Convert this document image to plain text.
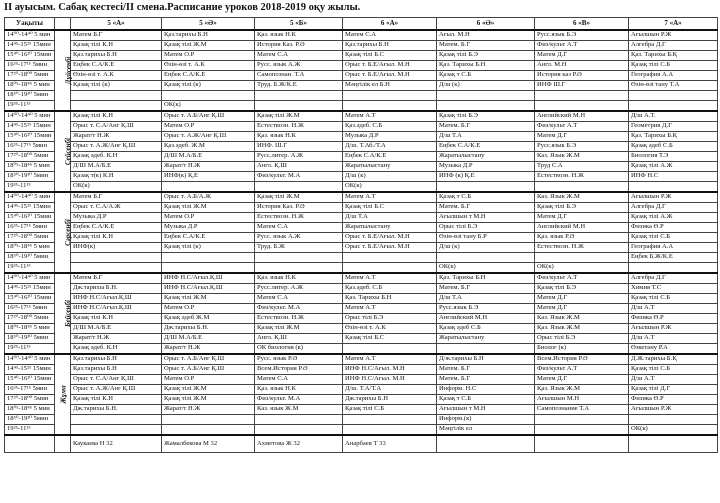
II ауысым. Сабақ кестесі/II смена.Расписание уроков 2018-2019 оқу жылы.
Уақыты		5 «А»	5 «Ә»	5 «Б»	6 «А»	6 «Ә»	6 «В»	7 «А»
14⁰⁰-14⁴⁰ 5 мин	Дүйсенбі	Матем Б.Г	Қаз.тарихы Б.Н	Қаз. язык Н.К	Матем С.А	Ағыл. М.Н	Русс.язык Б.Э	Ағылшын Р.Ж
14⁴⁵-15²⁵ 15мин		Қазақ тілі К.Н	Қазақ тілі Ж.М	История Каз. Р.Ә	Қаз.тарихы Б.Н	Матем. Б.Г	Физ/культ А.Т	Алгебра Д.Г
15⁴⁰-16²⁰ 15мин		Қаз.тарихы Б.Н	Матем О.Р	Матем С.А	Қазақ тілі Б.С	Қазақ тілі Б.Э	Матем Д.Г	Қаз. Тарихы Б.Қ
16³⁵-17¹⁵ 5мин		Еңбек С.А/К.Е	Өзін-өзі т. А.К	Русс. язык А.Ж	Орыс т. Б.Е/Ағыл. М.Н	Қаз. Тарихы Б.Н	Англ. М.Н	Қазақ тілі С.Б
17²⁰-18⁰⁰ 5мин		Өзін-өзі т. А.К	Еңбек С.А/К.Е	Самопознан. Т.А	Орыс т. Б.Е/Ағыл. М.Н	Қазақ т С.Б	История каз Р.Ә	География А.А
18⁰⁵-18⁴⁵ 5 мин		Қазақ тілі (к)	Қазақ тілі (к)	Труд. Б.Ж/К.Е	Мәңгілік ел Б.Н	Д/ш (к)	ИНФ Ш.Г	Өзін-өзі тану Т.А
18⁵⁰-19³⁰ 5мин								
19³⁵-11¹⁵			ОК(к)					
14⁰⁰-14⁴⁰ 5 мин	Сейсенбі	Қазақ тілі К.Н	Орыс т. А.Б/Анг Қ.Ш	Қазақ тілі Ж.М	Матем А.Т	Қазақ тілі Б.Э	Английский М.Н	Д/ш А.Т.
14⁴⁵-15²⁵ 15мин		Орыс т. С.А/Анг Қ.Ш	Матем О.Р	Естествозн. Н.Ж	Қаз.әдеб. С.Б	Матем. Б.Г	Физ/культ А.Т	Геометрия Д.Г
15⁴⁰-16²⁰ 15мин		Жарат/т Н.Ж	Орыс т. А.Ж/Анг Қ.Ш	Қаз. язык Н.К	Музыка Д.Р	Д/ш Т.А	Матем Д.Г	Қаз. Тарихы Б.Қ
16³⁵-17¹⁵ 5мин		Орыс т. А.Ж/Анг Қ.Ш	Қаз.әдеб. Ж.М	ИНФ. Ш.Г	Д/ш. Т.Аб./Т.А	Еңбек С.А/К.Е	Русс.язык Б.Э	Қазақ әдеб С.Б
17²⁰-18⁰⁰ 5мин		Қазақ әдеб. К.Н	Д/Ш М.А/Б.Е	Русс.литер. А.Ж	Еңбек С.А/К.Е	Жаратылыстану	Каз. Язык Ж.М	Биология Т.Э
18⁰⁵-18⁴⁵ 5 мин		Д/Ш М.А/Б.Е	Жарат/т Н.Ж	Англ. Қ.Ш	Жаратылыстану	Музыка Д.Р	Труд С.А	Қазақ тілі А.Ж
18⁵⁰-19³⁰ 5мин		Қазақ т(к) К.Н	ИНФ(к) Қ.Е	Физ/культ. М.А	Д/ш (к)	ИНФ (к) Қ.Е	Естествозн. Н.Ж	ИНФ Н.С
19³⁵-11¹⁵		ОК(к)			ОК(к)			
14⁰⁰-14⁴⁰ 5 мин	Сәрсенбі	Матем Б.Г	Орыс т. А.Б/А.Ж	Қазақ тілі Ж.М	Матем А.Т	Қазақ т С.Б	Каз. Язык Ж.М	Ағылшын Р.Ж
14⁴⁵-15²⁵ 15мин		Орыс т. С.А/А.Ж	Қазақ тілі Ж.М	История Каз. Р.Ә	Қазақ тілі Б.С	Матем. Б.Г	Қазақ тілі Б.Э	Алгебра Д.Г
15⁴⁰-16²⁰ 15мин		Музыка Д.Р	Матем О.Р	Естествозн. Н.Ж	Д/ш Т.А	Ағылшын т М.Н	Матем Д.Г	Қазақ тілі А.Ж
16³⁵-17¹⁵ 5мин		Еңбек С.А/К.Е	Музыка Д.Р	Матем С.А	Жаратылыстану	Орыс тілі Б.Э	Английский М.Н	Физика Ө.Р
17²⁰-18⁰⁰ 5мин		Қазақ тілі К.Н	Еңбек С.А/К.Е	Русс. язык А.Ж	Орыс т. Б.Е/Ағыл. М.Н	Өзін-өзі тану Б.Р	Қаз. язык Р.Ә	Қазақ тілі С.Б
18⁰⁵-18⁴⁵ 5 мин		ИНФ(к)	Қазақ тілі (к)	Труд. Б.Ж	Орыс т. Б.Е/Ағыл. М.Н	Д/ш (к)	Естествозн. Н.Ж	География А.А
18⁵⁰-19³⁰ 5мин								Еңбек Б.Ж/К.Е
19³⁵-11¹⁵						ОК(к)	ОК(к)	
14⁰⁰-14⁴⁰ 5 мин	Бейсенбі	Матем Б.Г	ИНФ Н.С/Ағыл.Қ.Ш	Қаз. язык Н.К	Матем А.Т	Қаз. Тарихы Б.Н	Физ/культ А.Т	Алгебра Д.Г
14⁴⁵-15²⁵ 15мин		Дж.тарихы Б.Н.	ИНФ Н.С/Ағыл.Қ.Ш	Русс.литер. А.Ж	Қаз.әдеб. С.Б	Матем. Б.Г	Қазақ тілі Б.Э	Химия Т.С
15⁴⁰-16²⁰ 15мин		ИНФ Н.С/Ағыл.Қ.Ш	Қазақ тілі Ж.М	Матем С.А	Қаз. Тарихы Б.Н	Д/ш Т.А	Матем Д.Г	Қазақ тілі С.Б
16³⁵-17¹⁵ 5мин		ИНФ Н.С/Ағыл.Қ.Ш	Матем О.Р	Физ/культ. М.А	Матем А.Т	Русс.язык Б.Э	Матем Д.Г	Д/ш А.Т
17²⁰-18⁰⁰ 5мин		Қазақ тілі К.Н	Қазақ әдеб Ж.М	Естествозн. Н.Ж	Орыс тілі Б.Э	Английский М.Н	Каз. Язык Ж.М	Физика Ө.Р
18⁰⁵-18⁴⁵ 5 мин		Д/Ш М.А/Б.Е	Дж.тарихы Б.Н.	Қазақ тілі Ж.М	Өзін-өзі т. А.К	Қазақ әдеб С.Б	Қаз. Язык Ж.М	Ағылшын Р.Ж
18⁵⁰-19³⁰ 5мин		Жарат/т Н.Ж	Д/Ш М.А/Б.Е	Англ. Қ.Ш	Қазақ тілі Б.С	Жаратылыстану	Орыс тілі Б.Э	Д/ш А.Т
19³⁵-11¹⁵		Қазақ әдеб. К.Н	Жарат/т Н.Ж	ОК биология (к)			Биолог (к)	Өзкетану Р.А
14⁰⁰-14⁴⁰ 5 мин	Жұма	Қаз.тарихы Б.Н	Орыс т. А.Б/Анг Қ.Ш	Русс. язык Р.Ә	Матем А.Т	Д/ж.тарихы Б.Н	Всем.История Р.Ә	Д.Ж.тарихы Б.Қ
14⁴⁵-15²⁵ 15мин		Қаз.тарихы Б.Н	Орыс т. А.Б/Анг Қ.Ш	Всем.История Р.Ә	ИНФ Н.С/Ағыл. М.Н	Матем. Б.Г	Физ/культ А.Т	Қазақ тілі С.Б
15⁴⁰-16²⁰ 15мин		Орыс т. С.А/Анг Қ.Ш	Матем О.Р	Матем С.А	ИНФ Н.С/Ағыл. М.Н	Матем. Б.Г	Матем Д.Г	Д/ш А.Т
16³⁵-17¹⁵ 5мин		Орыс т. А.Ж/Анг Қ.Ш	Қазақ тілі Ж.М	Қаз. язык Н.К	Д/ш. Т.А/Т.А	Информ. Н.С	Қаз. Язык Ж.М	Қазақ тілі Д.Г
17²⁰-18⁰⁰ 5мин		Қазақ тілі К.Н	Қазақ тілі Ж.М	Физ/культ. М.А	Дж.тарихы Б.Н	Қазақ т С.Б	Ағылшын М.Н	Физика Ө.Р
18⁰⁵-18⁴⁵ 5 мин		Дж.тарихы Б.Н.	Жарат/т Н.Ж	Каз. язык Ж.М	Қазақ тілі С.Б	Ағылшын т М.Н	Самопознание Т.А	Ағылшын Р.Ж
18⁵⁰-19³⁰ 5мин						Информ.(к)		
19³⁵-11¹⁵						Мәңгілік ел		ОК(к)
		Каукаева Н 32	Жамалбекова М 32	Ахметова Ж 32	Анарбаев Т 33			
